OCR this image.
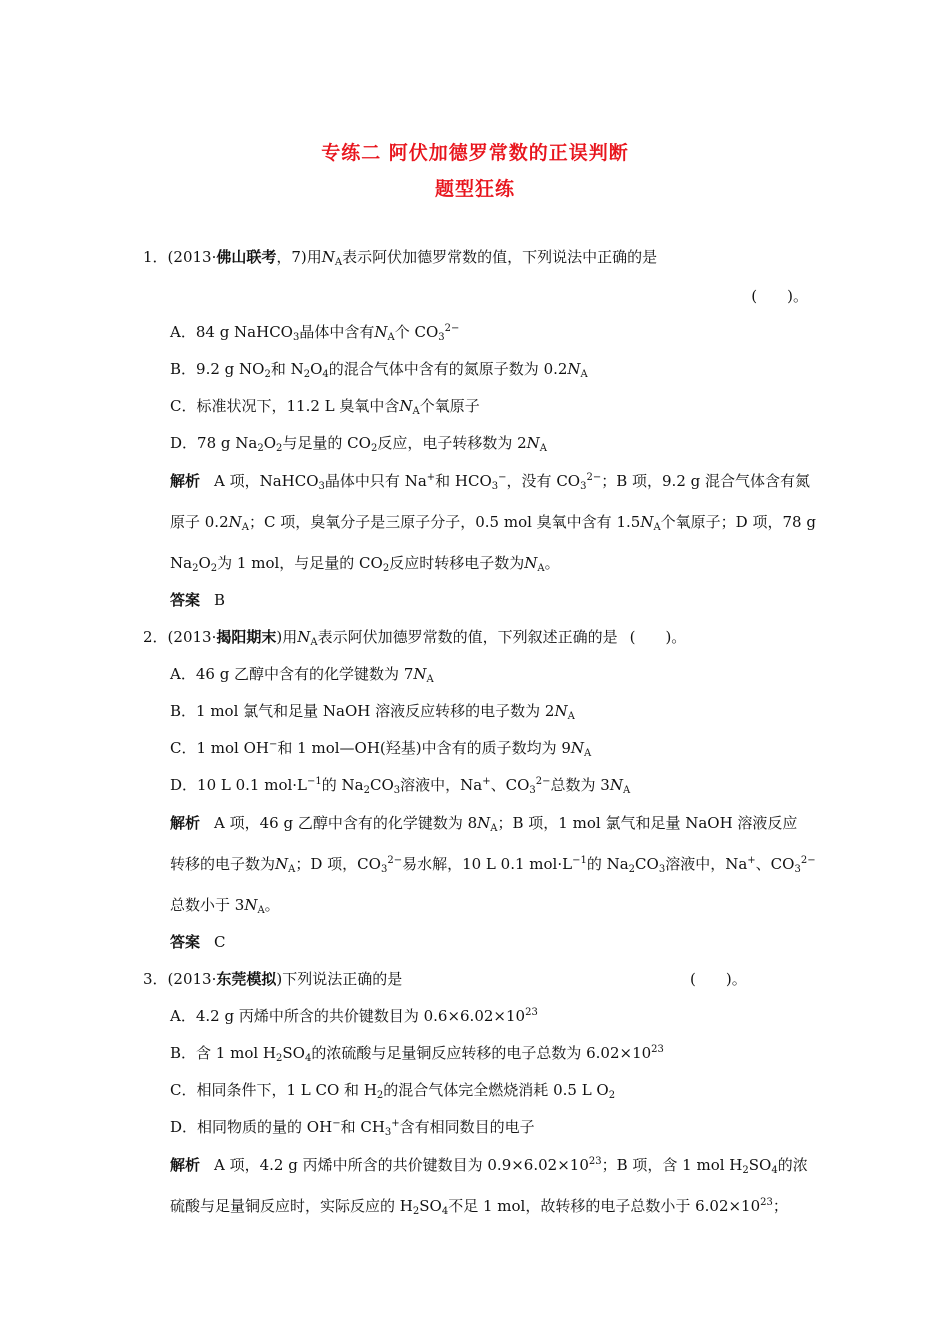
专练二 阿伏加德罗常数的正误判断
题型狂练
1．(2013·佛山联考，7)用$N_A$表示阿伏加德罗常数的值，下列说法中正确的是
(　　)。
A．84 g NaHCO$_3$晶体中含有$N_A$个 $CO_3^{2-}$
B．9.2 g $NO_2$和 $N_2O_4$的混合气体中含有的氮原子数为 $0.2N_A$
C．标准状况下，11.2 L 臭氧中含$N_A$个氧原子
D．78 g $Na_2O_2$与足量的 $CO_2$反应，电子转移数为 $2N_A$
解析 A 项，NaHCO$_3$晶体中只有 Na+和 $HCO_3^-$，没有 $CO_3^{2-}$；B 项，9.2 g 混合气体含有氮
原子 $0.2N_A$；C 项，臭氧分子是三原子分子，0.5 mol 臭氧中含有 $1.5N_A$个氧原子；D 项，78 g
$Na_2O_2$为 1 mol，与足量的 $CO_2$反应时转移电子数为$N_A$。
答案 B
2．(2013·揭阳期末)用$N_A$表示阿伏加德罗常数的值，下列叙述正确的是 (　　)。
A．46 g 乙醇中含有的化学键数为 $7N_A$
B．1 mol 氯气和足量 NaOH 溶液反应转移的电子数为 $2N_A$
C．1 mol OH−和 1 mol—OH(羟基)中含有的质子数均为 $9N_A$
D．10 L 0.1 $mol\cdot L^{-1}$的 $Na_2CO_3$溶液中，Na+、$CO_3^{2-}$总数为 $3N_A$
解析 A 项，46 g 乙醇中含有的化学键数为 $8N_A$；B 项，1 mol 氯气和足量 NaOH 溶液反应
转移的电子数为$N_A$；D 项，$CO_3^{2-}$易水解，10 L 0.1 $mol\cdot L^{-1}$的 $Na_2CO_3$溶液中，Na+、$CO_3^{2-}$
总数小于 $3N_A$。
答案 C
3．(2013·东莞模拟)下列说法正确的是	(　　)。
A．4.2 g 丙烯中所含的共价键数目为 $0.6\times 6.02\times 10^{23}$
B．含 1 mol $H_2SO_4$的浓硫酸与足量铜反应转移的电子总数为 $6.02\times 10^{23}$
C．相同条件下，1 L CO 和 $H_2$的混合气体完全燃烧消耗 0.5 L $O_2$
D．相同物质的量的 OH−和 $CH_3^+$含有相同数目的电子
解析 A 项，4.2 g 丙烯中所含的共价键数目为 $0.9\times 6.02\times 10^{23}$；B 项，含 1 mol $H_2SO_4$的浓
硫酸与足量铜反应时，实际反应的 $H_2SO_4$不足 1 mol，故转移的电子总数小于 $6.02\times 10^{23}$；
